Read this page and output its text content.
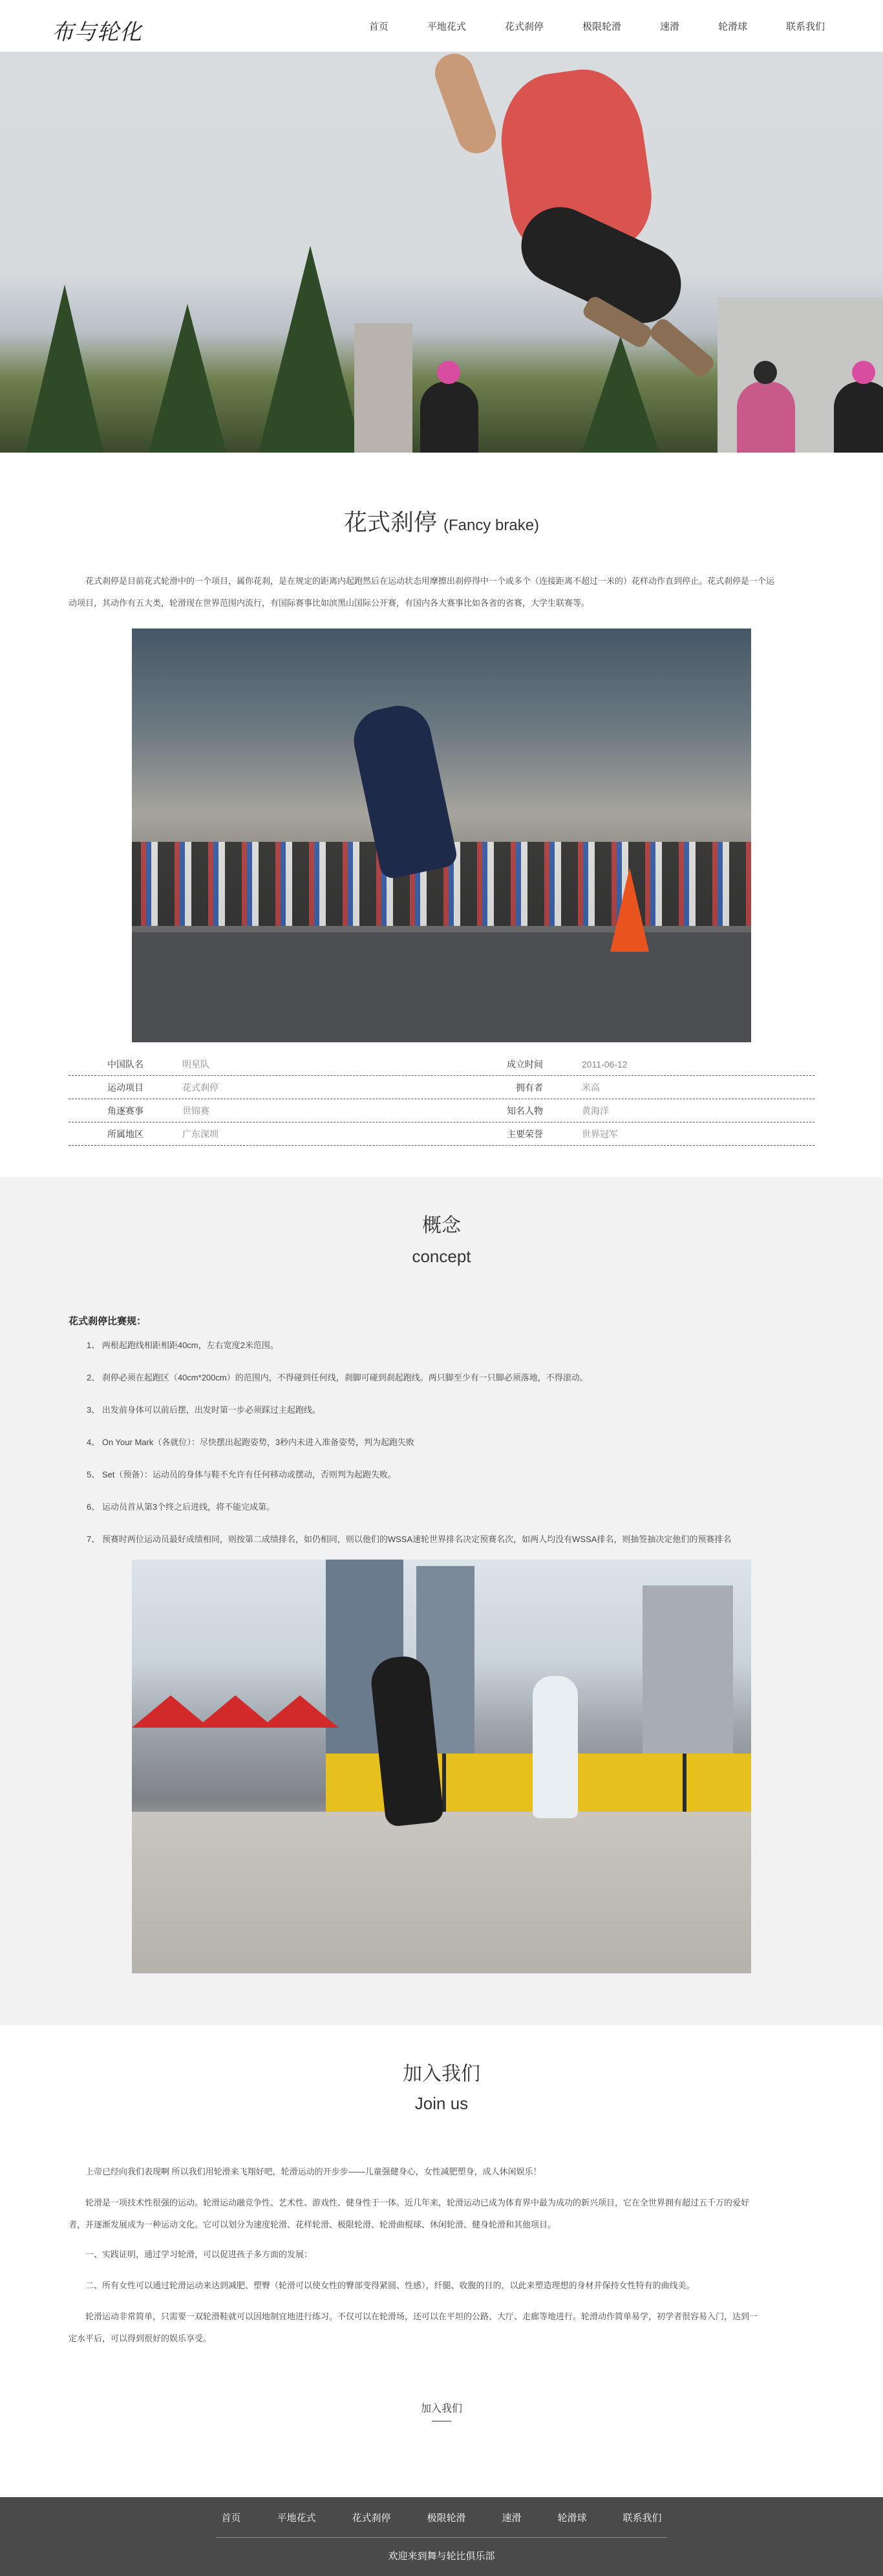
布与轮化	首页	平地花式	花式刹停	极限轮滑	速滑	轮滑球	联系我们
花式刹停 (Fancy brake)

花式刹停是目前花式轮滑中的一个项目，属你花刹，是在规定的距离内起跑然后在运动状态用摩擦出刹停得中一个或多个（连接距离不超过一米的）花样动作直到停止。花式刹停是一个运

动项目，其动作有五大类，轮滑现在世界范围内流行，有国际赛事比如滨黑山国际公开赛，有国内各大赛事比如各省的省赛，大学生联赛等。

中国队名	明星队	成立时间	2011-06-12
运动项目	花式刹停	拥有者	米高
角逐赛事	世锦赛	知名人物	黄海洋
所属地区	广东深圳	主要荣誉	世界冠军
概念
concept
花式刹停比赛规：

1、 两根起跑线相距相距40cm，左右宽度2米范围。

2、 刹停必须在起跑区（40cm*200cm）的范围内，不得碰到任何线，刹脚可碰到刹起跑线。两只脚至少有一只脚必须落地，不得滚动。

3、 出发前身体可以前后摆，出发时第一步必须踩过主起跑线。

4、 On Your Mark（各就位）：尽快摆出起跑姿势，3秒内未进入准备姿势，判为起跑失败

5、 Set（预备）：运动员的身体与鞋不允许有任何移动或摆动，否则判为起跑失败。

6、 运动员首从第3个终之后进线，将不能完成第。

7、 预赛时两位运动员最好成绩相同，则按第二成绩排名，如仍相同，则以他们的WSSA速轮世界排名决定预赛名次，如两人均没有WSSA排名，则抽签抽决定他们的预赛排名

加入我们
Join us

上帝已经向我们表现啊 所以我们用轮滑来飞翔好吧，轮滑运动的开步步——儿童强健身心，女性减肥塑身，成人休闲娱乐！

轮滑是一项技术性很强的运动。轮滑运动融竞争性、艺术性、游戏性、健身性于一体。近几年来，轮滑运动已成为体育界中最为成功的新兴项目，它在全世界拥有超过五千万的爱好

者，并逐渐发展成为一种运动文化。它可以划分为速度轮滑、花样轮滑、极限轮滑、轮滑曲棍球、休闲轮滑、健身轮滑和其他项目。

一、实践证明，通过学习轮滑，可以促进孩子多方面的发展：

二、所有女性可以通过轮滑运动来达到减肥、塑臀（轮滑可以使女性的臀部变得紧圆、性感），纤腿、收腹的目的，以此来塑造理想的身材并保持女性特有的曲线美。

轮滑运动非常简单，只需要一双轮滑鞋就可以因地制宜地进行练习。不仅可以在轮滑场，还可以在平坦的公路、大厅、走廊等地进行。轮滑动作简单易学，初学者很容易入门，达到一

定水平后，可以得到很好的娱乐享受。

加入我们
首页	平地花式	花式刹停	极限轮滑	速滑	轮滑球	联系我们
欢迎来到舞与轮比俱乐部
